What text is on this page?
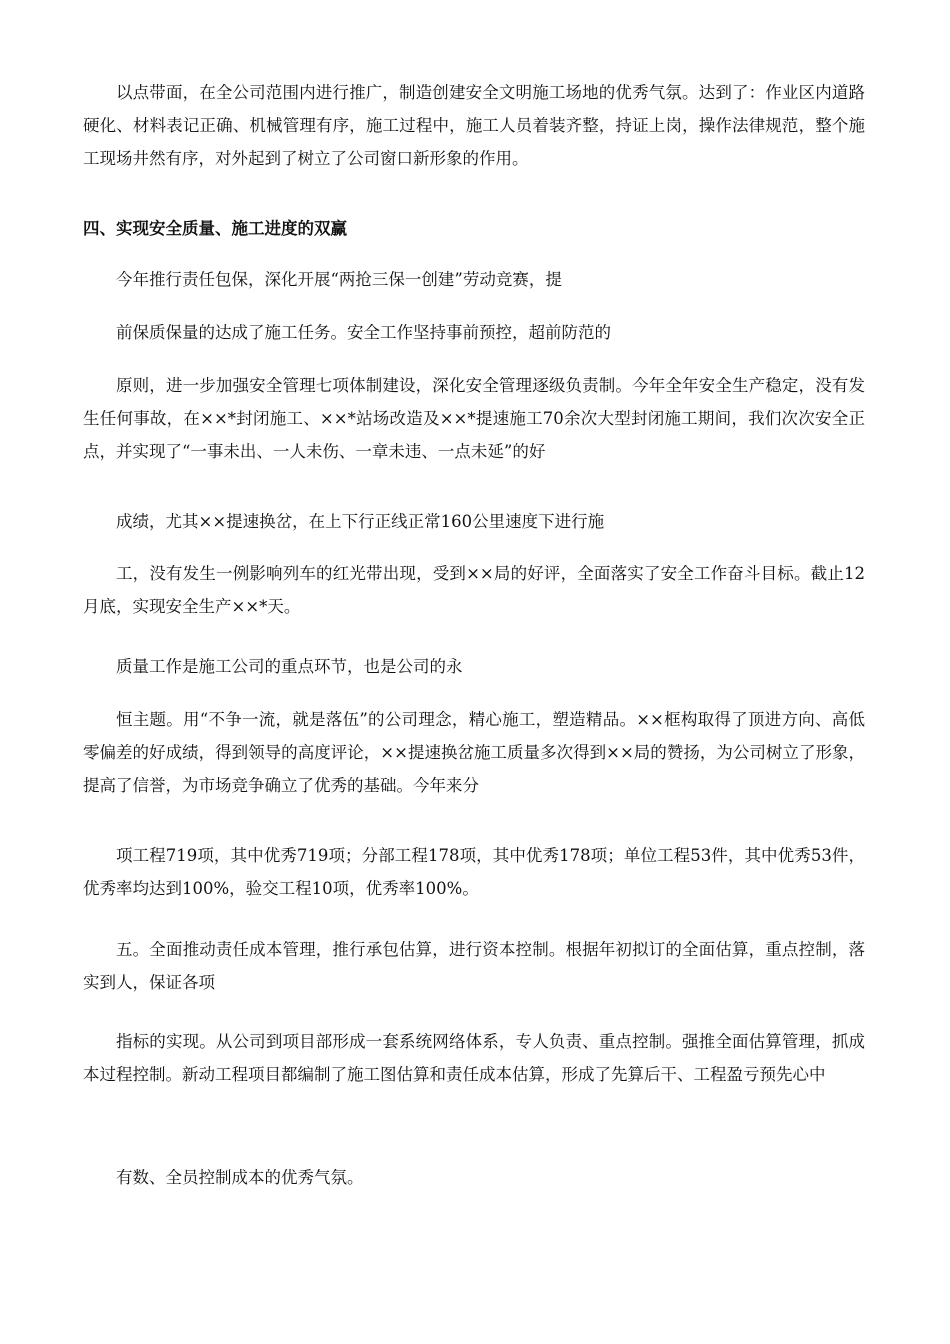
以点带面，在全公司范围内进行推广，制造创建安全文明施工场地的优秀气氛。达到了：作业区内道路硬化、材料表记正确、机械管理有序，施工过程中，施工人员着装齐整，持证上岗，操作法律规范，整个施工现场井然有序，对外起到了树立了公司窗口新形象的作用。

四、实现安全质量、施工进度的双赢

今年推行责任包保，深化开展“两抢三保一创建”劳动竞赛，提

前保质保量的达成了施工任务。安全工作坚持事前预控，超前防范的

原则，进一步加强安全管理七项体制建设，深化安全管理逐级负责制。今年全年安全生产稳定，没有发生任何事故，在××*封闭施工、××*站场改造及××*提速施工70余次大型封闭施工期间，我们次次安全正点，并实现了“一事未出、一人未伤、一章未违、一点未延”的好

成绩，尤其××提速换岔，在上下行正线正常160公里速度下进行施

工，没有发生一例影响列车的红光带出现，受到××局的好评，全面落实了安全工作奋斗目标。截止12月底，实现安全生产××*天。

质量工作是施工公司的重点环节，也是公司的永

恒主题。用“不争一流，就是落伍”的公司理念，精心施工，塑造精品。××框构取得了顶进方向、高低零偏差的好成绩，得到领导的高度评论，××提速换岔施工质量多次得到××局的赞扬，为公司树立了形象，提高了信誉，为市场竞争确立了优秀的基础。今年来分

项工程719项，其中优秀719项；分部工程178项，其中优秀178项；单位工程53件，其中优秀53件，优秀率均达到100%，验交工程10项，优秀率100%。

五。全面推动责任成本管理，推行承包估算，进行资本控制。根据年初拟订的全面估算，重点控制，落实到人，保证各项

指标的实现。从公司到项目部形成一套系统网络体系，专人负责、重点控制。强推全面估算管理，抓成本过程控制。新动工程项目都编制了施工图估算和责任成本估算，形成了先算后干、工程盈亏预先心中

有数、全员控制成本的优秀气氛。
